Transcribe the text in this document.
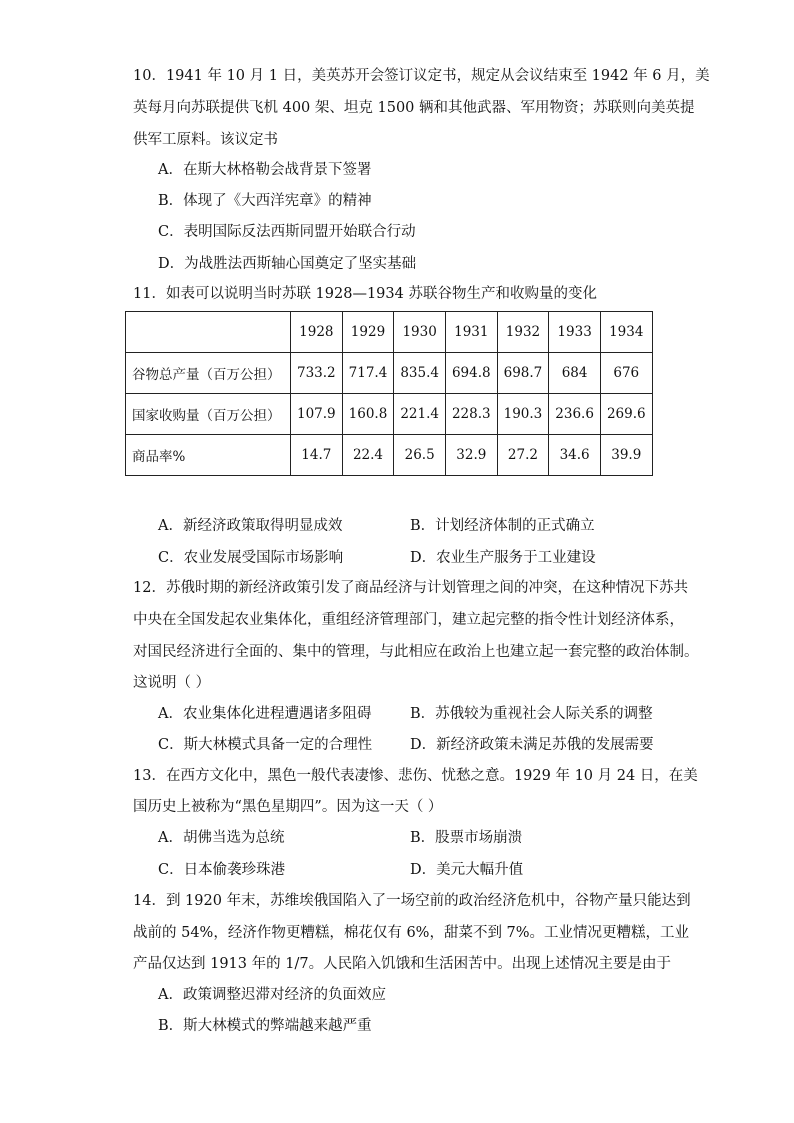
10．1941 年 10 月 1 日，美英苏开会签订议定书，规定从会议结束至 1942 年 6 月，美
英每月向苏联提供飞机 400 架、坦克 1500 辆和其他武器、军用物资；苏联则向美英提
供军工原料。该议定书
A．在斯大林格勒会战背景下签署
B．体现了《大西洋宪章》的精神
C．表明国际反法西斯同盟开始联合行动
D．为战胜法西斯轴心国奠定了坚实基础
11．如表可以说明当时苏联 1928—1934 苏联谷物生产和收购量的变化
	1928	1929	1930	1931	1932	1933	1934
谷物总产量（百万公担）	733.2	717.4	835.4	694.8	698.7	684	676
国家收购量（百万公担）	107.9	160.8	221.4	228.3	190.3	236.6	269.6
商品率%	14.7	22.4	26.5	32.9	27.2	34.6	39.9
A．新经济政策取得明显成效	B．计划经济体制的正式确立
C．农业发展受国际市场影响	D．农业生产服务于工业建设
12．苏俄时期的新经济政策引发了商品经济与计划管理之间的冲突，在这种情况下苏共
中央在全国发起农业集体化，重组经济管理部门，建立起完整的指令性计划经济体系，
对国民经济进行全面的、集中的管理，与此相应在政治上也建立起一套完整的政治体制。
这说明（ ）
A．农业集体化进程遭遇诸多阻碍	B．苏俄较为重视社会人际关系的调整
C．斯大林模式具备一定的合理性	D．新经济政策未满足苏俄的发展需要
13．在西方文化中，黑色一般代表凄惨、悲伤、忧愁之意。1929 年 10 月 24 日，在美
国历史上被称为“黑色星期四”。因为这一天（ ）
A．胡佛当选为总统	B．股票市场崩溃
C．日本偷袭珍珠港	D．美元大幅升值
14．到 1920 年末，苏维埃俄国陷入了一场空前的政治经济危机中，谷物产量只能达到
战前的 54%，经济作物更糟糕，棉花仅有 6%，甜菜不到 7%。工业情况更糟糕，工业
产品仅达到 1913 年的 1/7。人民陷入饥饿和生活困苦中。出现上述情况主要是由于
A．政策调整迟滞对经济的负面效应
B．斯大林模式的弊端越来越严重
